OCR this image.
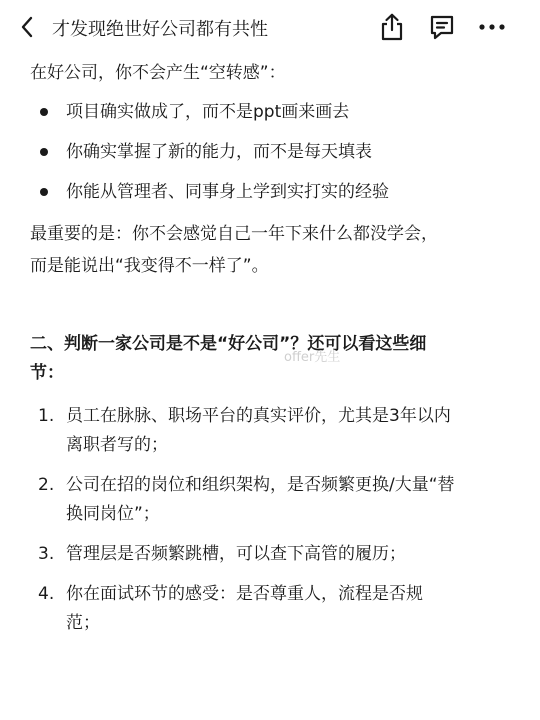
才发现绝世好公司都有共性
在好公司，你不会产生“空转感”：
项目确实做成了，而不是ppt画来画去
你确实掌握了新的能力，而不是每天填表
你能从管理者、同事身上学到实打实的经验
最重要的是：你不会感觉自己一年下来什么都没学会，
而是能说出“我变得不一样了”。
二、判断一家公司是不是“好公司”？还可以看这些细
节：
offer先生
1. 员工在脉脉、职场平台的真实评价，尤其是3年以内
离职者写的；
2. 公司在招的岗位和组织架构，是否频繁更换/大量“替
换同岗位”；
3. 管理层是否频繁跳槽，可以查下高管的履历；
4. 你在面试环节的感受：是否尊重人，流程是否规
范；
